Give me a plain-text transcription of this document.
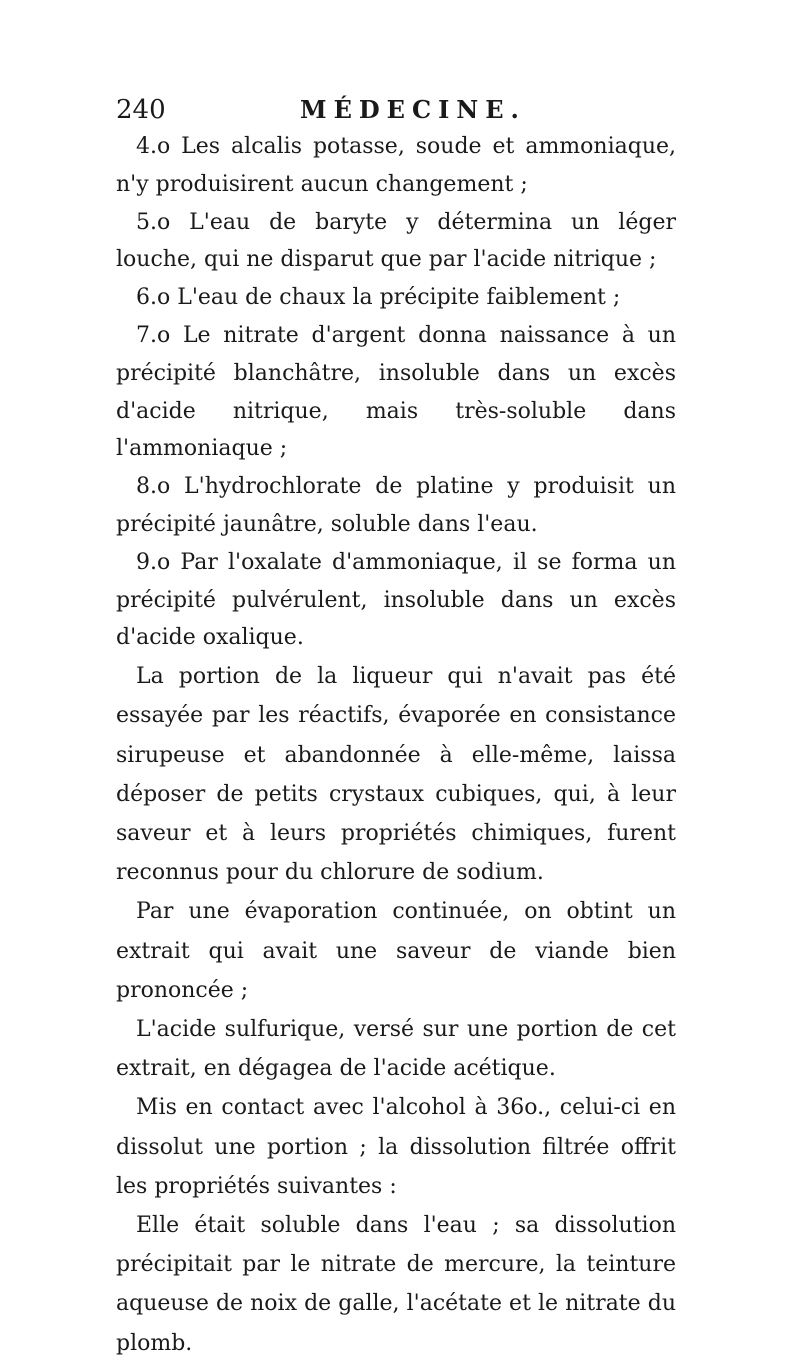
240	MÉDECINE.

4.o Les alcalis potasse, soude et ammoniaque, n'y produisirent aucun changement ;

5.o L'eau de baryte y détermina un léger louche, qui ne disparut que par l'acide nitrique ;

6.o L'eau de chaux la précipite faiblement ;

7.o Le nitrate d'argent donna naissance à un précipité blanchâtre, insoluble dans un excès d'acide nitrique, mais très-soluble dans l'ammoniaque ;

8.o L'hydrochlorate de platine y produisit un précipité jaunâtre, soluble dans l'eau.

9.o Par l'oxalate d'ammoniaque, il se forma un précipité pulvérulent, insoluble dans un excès d'acide oxalique.

La portion de la liqueur qui n'avait pas été essayée par les réactifs, évaporée en consistance sirupeuse et abandonnée à elle-même, laissa déposer de petits crystaux cubiques, qui, à leur saveur et à leurs propriétés chimiques, furent reconnus pour du chlorure de sodium.

Par une évaporation continuée, on obtint un extrait qui avait une saveur de viande bien prononcée ;

L'acide sulfurique, versé sur une portion de cet extrait, en dégagea de l'acide acétique.

Mis en contact avec l'alcohol à 36o., celui-ci en dissolut une portion ; la dissolution filtrée offrit les propriétés suivantes :

Elle était soluble dans l'eau ; sa dissolution précipitait par le nitrate de mercure, la teinture aqueuse de noix de galle, l'acétate et le nitrate du plomb.
